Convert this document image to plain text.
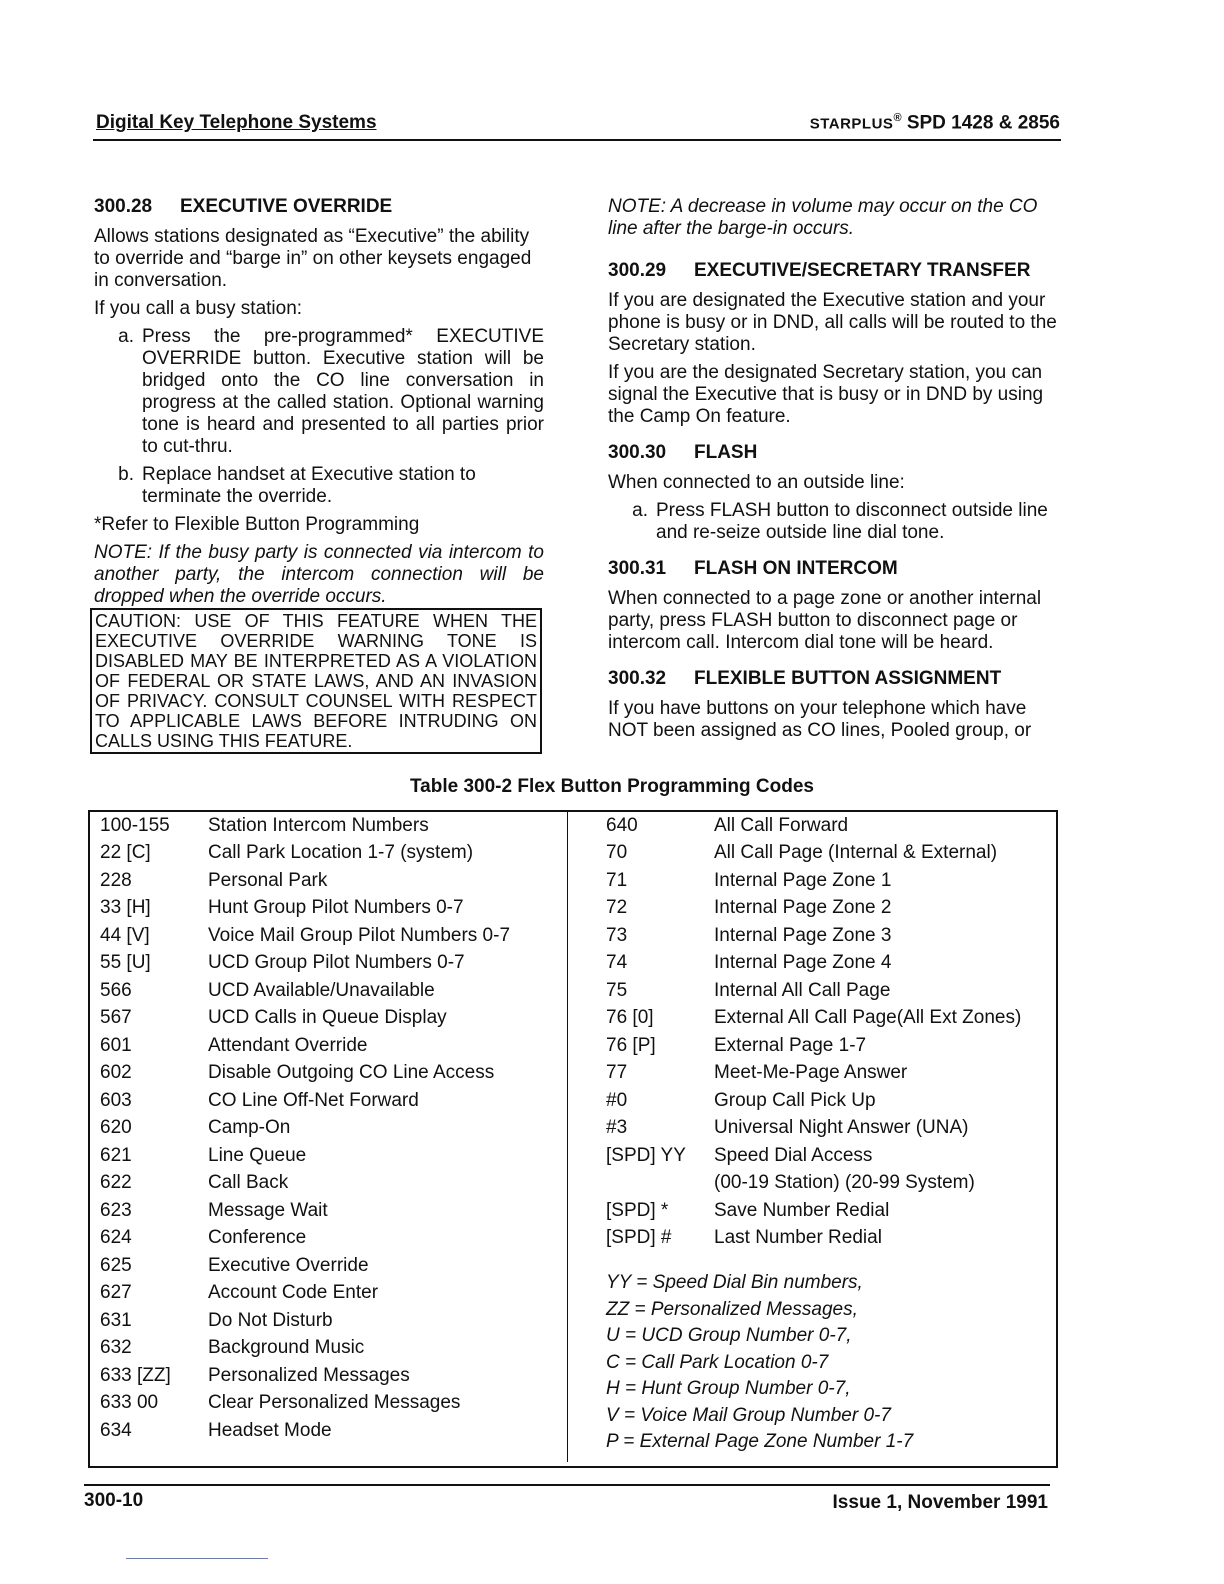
Digital Key Telephone Systems	STARPLUS® SPD 1428 & 2856
300.28 EXECUTIVE OVERRIDE

Allows stations designated as “Executive” the ability to override and “barge in” on other keysets engaged in conversation.

If you call a busy station:

a. Press the pre-programmed* EXECUTIVE OVERRIDE button. Executive station will be bridged onto the CO line conversation in progress at the called station. Optional warning tone is heard and presented to all parties prior to cut-thru.
b. Replace handset at Executive station to terminate the override.

*Refer to Flexible Button Programming

NOTE: If the busy party is connected via intercom to another party, the intercom connection will be dropped when the override occurs.

CAUTION: USE OF THIS FEATURE WHEN THE EXECUTIVE OVERRIDE WARNING TONE IS DISABLED MAY BE INTERPRETED AS A VIOLATION OF FEDERAL OR STATE LAWS, AND AN INVASION OF PRIVACY. CONSULT COUNSEL WITH RESPECT TO APPLICABLE LAWS BEFORE INTRUDING ON CALLS USING THIS FEATURE.

NOTE: A decrease in volume may occur on the CO line after the barge-in occurs.

300.29 EXECUTIVE/SECRETARY TRANSFER

If you are designated the Executive station and your phone is busy or in DND, all calls will be routed to the Secretary station.

If you are the designated Secretary station, you can signal the Executive that is busy or in DND by using the Camp On feature.

300.30 FLASH

When connected to an outside line:

a. Press FLASH button to disconnect outside line and re-seize outside line dial tone.
300.31 FLASH ON INTERCOM

When connected to a page zone or another internal party, press FLASH button to disconnect page or intercom call. Intercom dial tone will be heard.

300.32 FLEXIBLE BUTTON ASSIGNMENT

If you have buttons on your telephone which have NOT been assigned as CO lines, Pooled group, or

Table 300-2 Flex Button Programming Codes
100-155	Station Intercom Numbers
22 [C]	Call Park Location 1-7 (system)
228	Personal Park
33 [H]	Hunt Group Pilot Numbers 0-7
44 [V]	Voice Mail Group Pilot Numbers 0-7
55 [U]	UCD Group Pilot Numbers 0-7
566	UCD Available/Unavailable
567	UCD Calls in Queue Display
601	Attendant Override
602	Disable Outgoing CO Line Access
603	CO Line Off-Net Forward
620	Camp-On
621	Line Queue
622	Call Back
623	Message Wait
624	Conference
625	Executive Override
627	Account Code Enter
631	Do Not Disturb
632	Background Music
633 [ZZ]	Personalized Messages
633 00	Clear Personalized Messages
634	Headset Mode
640	All Call Forward
70	All Call Page (Internal & External)
71	Internal Page Zone 1
72	Internal Page Zone 2
73	Internal Page Zone 3
74	Internal Page Zone 4
75	Internal All Call Page
76 [0]	External All Call Page(All Ext Zones)
76 [P]	External Page 1-7
77	Meet-Me-Page Answer
#0	Group Call Pick Up
#3	Universal Night Answer (UNA)
[SPD] YY	Speed Dial Access
(00-19 Station) (20-99 System)
[SPD] *	Save Number Redial
[SPD] #	Last Number Redial
YY = Speed Dial Bin numbers,
ZZ = Personalized Messages,
U = UCD Group Number 0-7,
C = Call Park Location 0-7
H = Hunt Group Number 0-7,
V = Voice Mail Group Number 0-7
P = External Page Zone Number 1-7
300-10	Issue 1, November 1991
